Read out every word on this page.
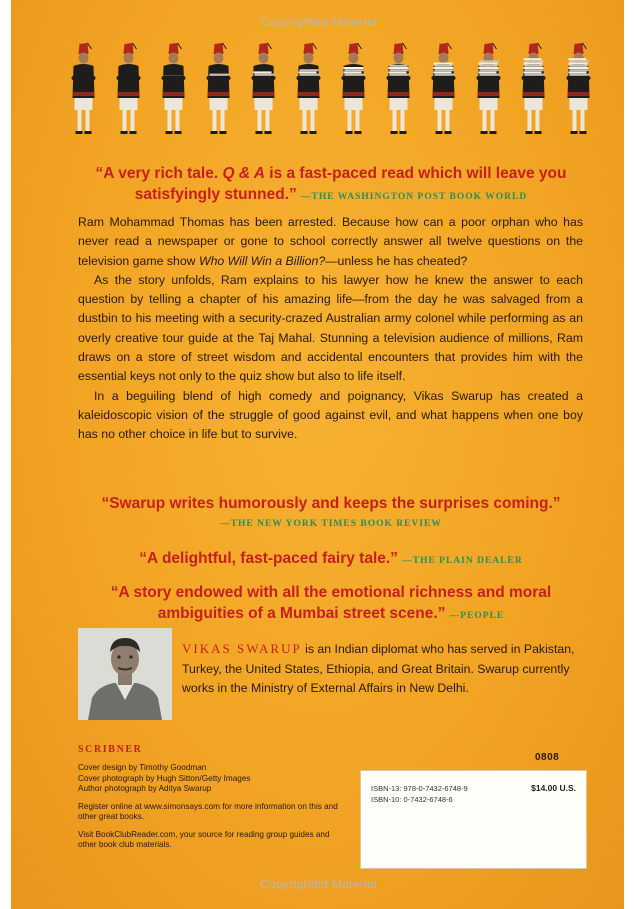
“A very rich tale. Q & A is a fast-paced read which will leave you satisfyingly stunned.” —THE WASHINGTON POST BOOK WORLD

Ram Mohammad Thomas has been arrested. Because how can a poor orphan who has never read a newspaper or gone to school correctly answer all twelve questions on the television game show Who Will Win a Billion?—unless he has cheated?

As the story unfolds, Ram explains to his lawyer how he knew the answer to each question by telling a chapter of his amazing life—from the day he was salvaged from a dustbin to his meeting with a security-crazed Australian army colonel while performing as an overly creative tour guide at the Taj Mahal. Stunning a television audience of millions, Ram draws on a store of street wisdom and accidental encounters that provides him with the essential keys not only to the quiz show but also to life itself.

In a beguiling blend of high comedy and poignancy, Vikas Swarup has created a kaleidoscopic vision of the struggle of good against evil, and what happens when one boy has no other choice in life but to survive.

“Swarup writes humorously and keeps the surprises coming.”
—THE NEW YORK TIMES BOOK REVIEW
“A delightful, fast-paced fairy tale.” —THE PLAIN DEALER
“A story endowed with all the emotional richness and moral ambiguities of a Mumbai street scene.” —PEOPLE
VIKAS SWARUP is an Indian diplomat who has served in Pakistan, Turkey, the United States, Ethiopia, and Great Britain. Swarup currently works in the Ministry of External Affairs in New Delhi.
SCRIBNER

Cover design by Timothy Goodman
Cover photograph by Hugh Sitton/Getty Images
Author photograph by Aditya Swarup

Register online at www.simonsays.com for more information on this and other great books.

Visit BookClubReader.com, your source for reading group guides and other book club materials.

0808
ISBN-13: 978-0-7432-6748-9
ISBN-10: 0-7432-6748-6
$14.00 U.S.
Copyrighted Material
Copyrighted Material
